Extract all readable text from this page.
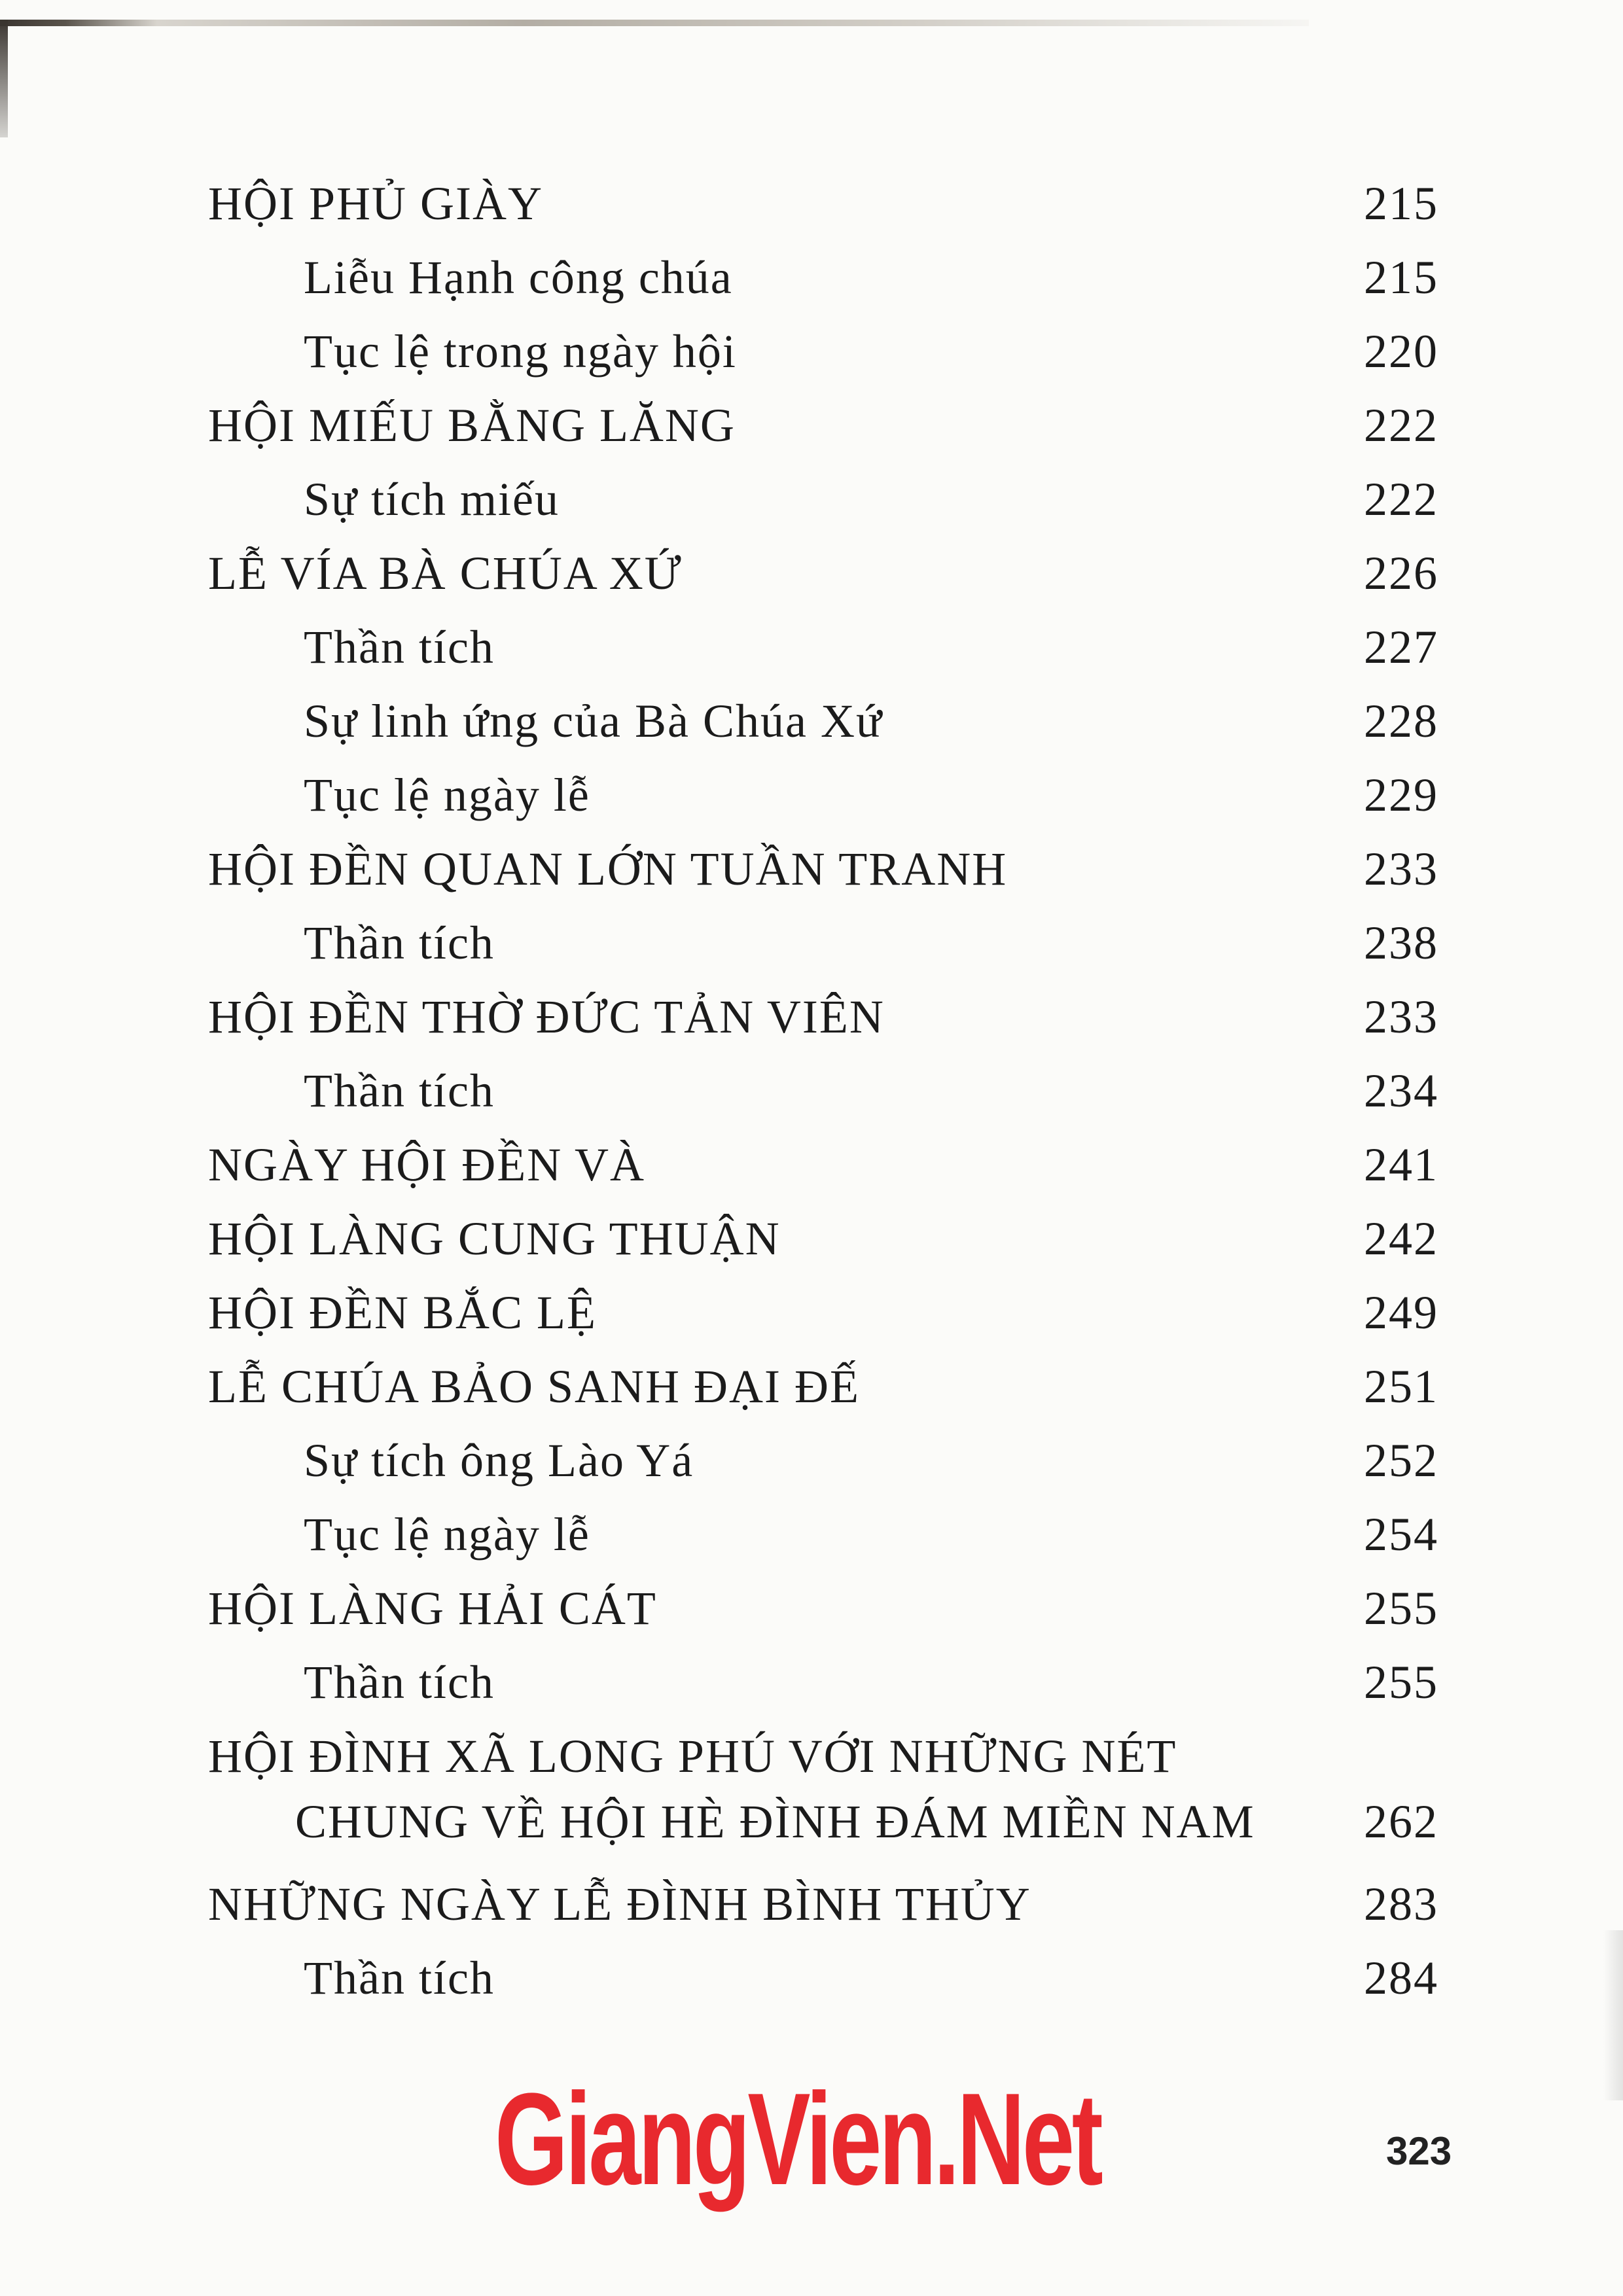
HỘI PHỦ GIÀY	215
Liễu Hạnh công chúa	215
Tục lệ trong ngày hội	220
HỘI MIẾU BẰNG LĂNG	222
Sự tích miếu	222
LỄ VÍA BÀ CHÚA XỨ	226
Thần tích	227
Sự linh ứng của Bà Chúa Xứ	228
Tục lệ ngày lễ	229
HỘI ĐỀN QUAN LỚN TUẦN TRANH	233
Thần tích	238
HỘI ĐỀN THỜ ĐỨC TẢN VIÊN	233
Thần tích	234
NGÀY HỘI ĐỀN VÀ	241
HỘI LÀNG CUNG THUẬN	242
HỘI ĐỀN BẮC LỆ	249
LỄ CHÚA BẢO SANH ĐẠI ĐẾ	251
Sự tích ông Lào Yá	252
Tục lệ ngày lễ	254
HỘI LÀNG HẢI CÁT	255
Thần tích	255
HỘI ĐÌNH XÃ LONG PHÚ VỚI NHỮNG NÉT
CHUNG VỀ HỘI HÈ ĐÌNH ĐÁM MIỀN NAM	262
NHỮNG NGÀY LỄ ĐÌNH BÌNH THỦY	283
Thần tích	284
GiangVien.Net	323
